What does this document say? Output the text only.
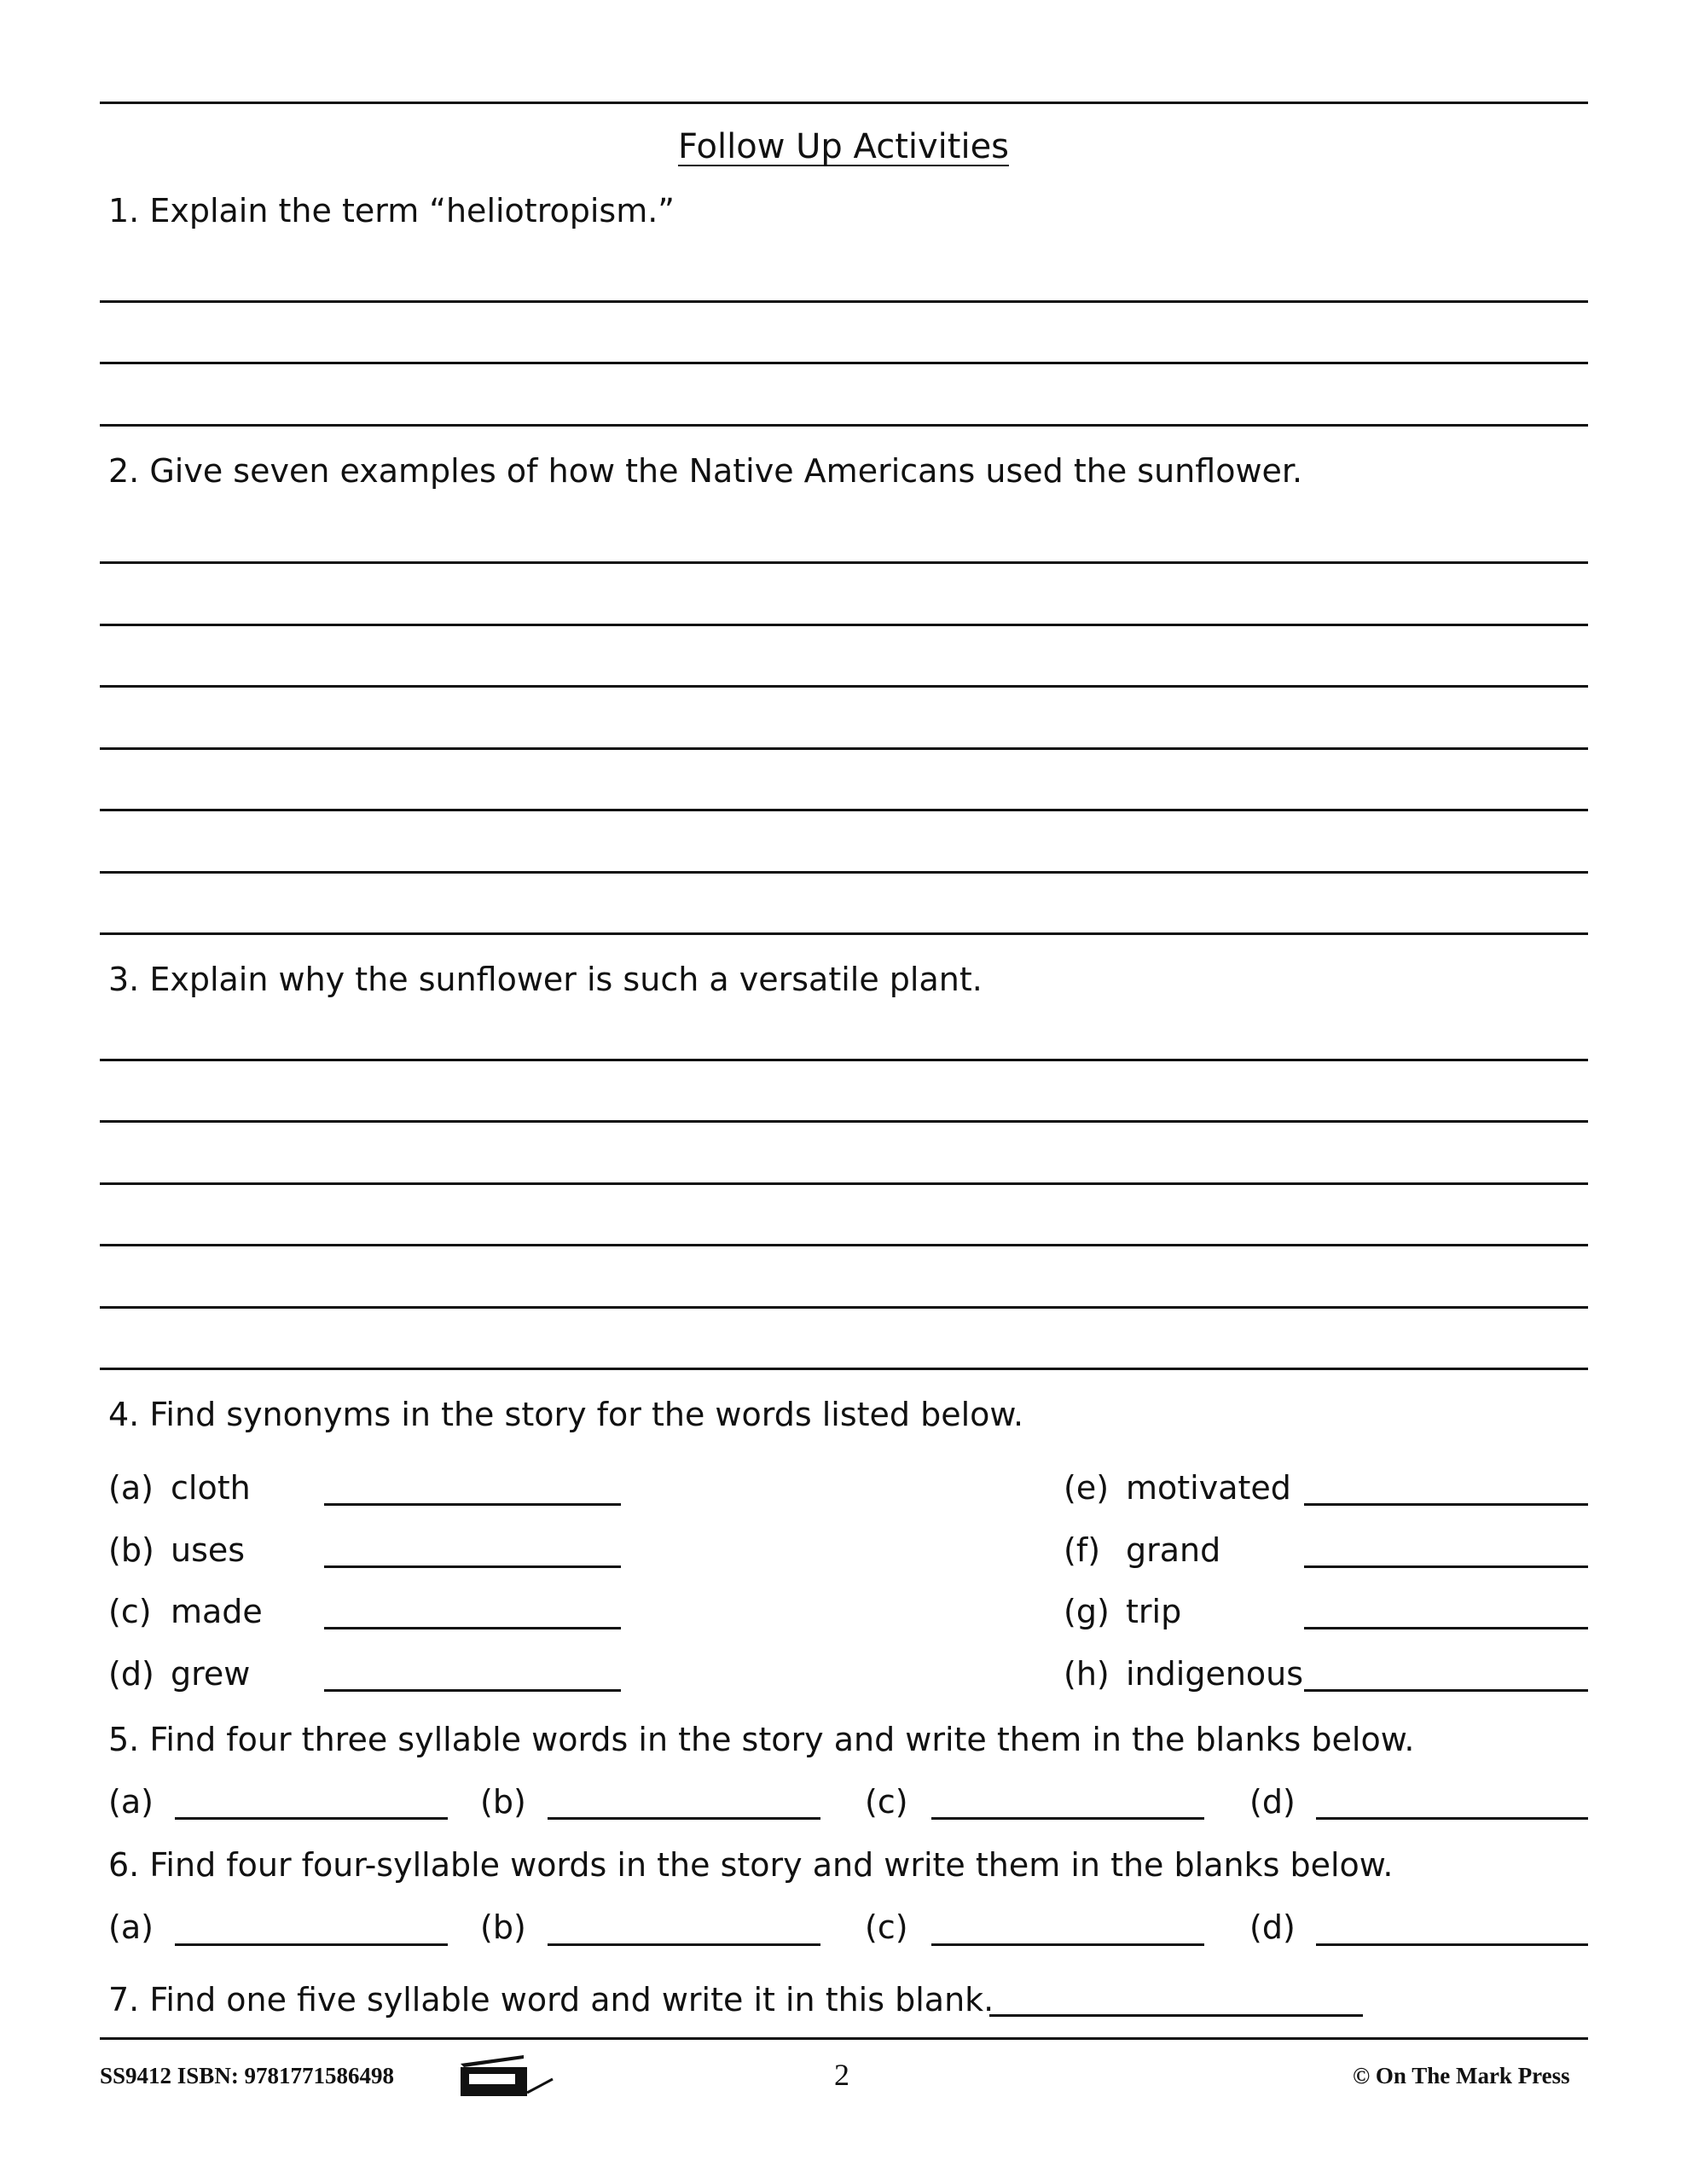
Follow Up Activities
1. Explain the term “heliotropism.”
2. Give seven examples of how the Native Americans used the sunflower.
3. Explain why the sunflower is such a versatile plant.
4. Find synonyms in the story for the words listed below.
(a) cloth
(b) uses
(c) made
(d) grew
(e) motivated
(f) grand
(g) trip
(h) indigenous
5. Find four three syllable words in the story and write them in the blanks below.
(a)	(b)	(c)	(d)
6. Find four four-syllable words in the story and write them in the blanks below.
(a)	(b)	(c)	(d)
7. Find one five syllable word and write it in this blank.
SS9412 ISBN: 9781771586498	2	© On The Mark Press
